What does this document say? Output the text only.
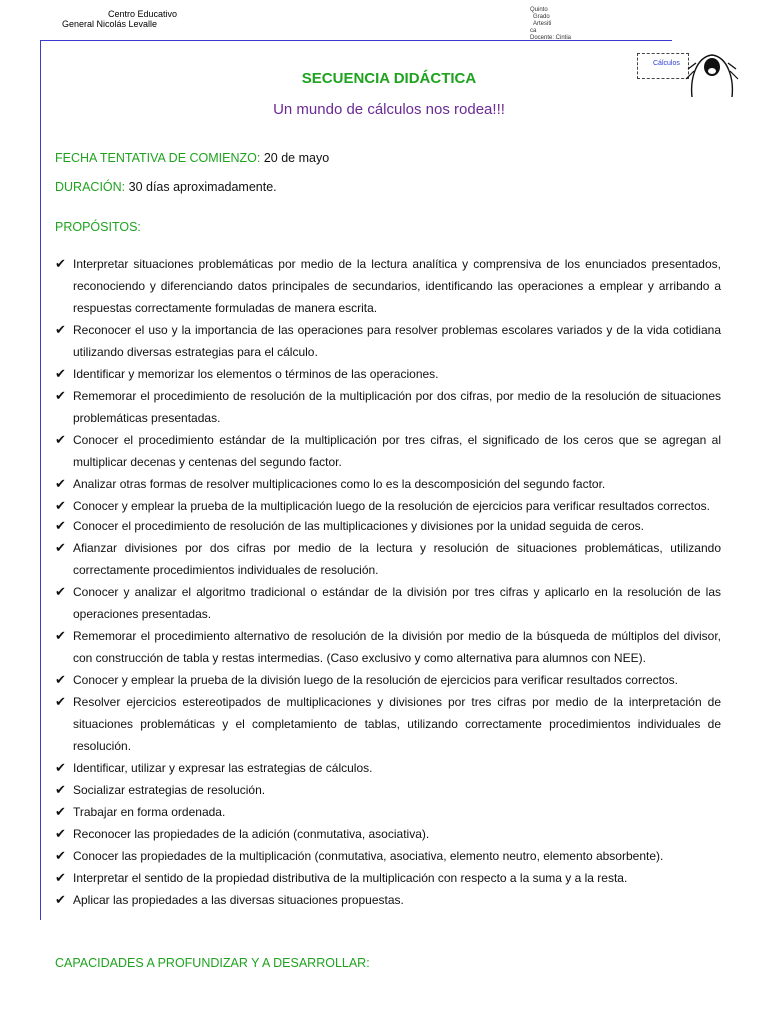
Centro Educativo
General Nicolás Levalle
Quinto
Grado
Artesiti
ca
Docente: Cintia
Cálculos
SECUENCIA DIDÁCTICA
Un mundo de cálculos nos rodea!!!
FECHA TENTATIVA DE COMIENZO: 20 de mayo
DURACIÓN: 30 días aproximadamente.
PROPÓSITOS:
✔ Interpretar situaciones problemáticas por medio de la lectura analítica y comprensiva de los enunciados presentados, reconociendo y diferenciando datos principales de secundarios, identificando las operaciones a emplear y arribando a respuestas correctamente formuladas de manera escrita.
✔ Reconocer el uso y la importancia de las operaciones para resolver problemas escolares variados y de la vida cotidiana utilizando diversas estrategias para el cálculo.
✔ Identificar y memorizar los elementos o términos de las operaciones.
✔ Rememorar el procedimiento de resolución de la multiplicación por dos cifras, por medio de la resolución de situaciones problemáticas presentadas.
✔ Conocer el procedimiento estándar de la multiplicación por tres cifras, el significado de los ceros que se agregan al multiplicar decenas y centenas del segundo factor.
✔ Analizar otras formas de resolver multiplicaciones como lo es la descomposición del segundo factor.
✔ Conocer y emplear la prueba de la multiplicación luego de la resolución de ejercicios para verificar resultados correctos.
✔ Conocer el procedimiento de resolución de las multiplicaciones y divisiones por la unidad seguida de ceros.
✔ Afianzar divisiones por dos cifras por medio de la lectura y resolución de situaciones problemáticas, utilizando correctamente procedimientos individuales de resolución.
✔ Conocer y analizar el algoritmo tradicional o estándar de la división por tres cifras y aplicarlo en la resolución de las operaciones presentadas.
✔ Rememorar el procedimiento alternativo de resolución de la división por medio de la búsqueda de múltiplos del divisor, con construcción de tabla y restas intermedias. (Caso exclusivo y como alternativa para alumnos con NEE).
✔ Conocer y emplear la prueba de la división luego de la resolución de ejercicios para verificar resultados correctos.
✔ Resolver ejercicios estereotipados de multiplicaciones y divisiones por tres cifras por medio de la interpretación de situaciones problemáticas y el completamiento de tablas, utilizando correctamente procedimientos individuales de resolución.
✔ Identificar, utilizar y expresar las estrategias de cálculos.
✔ Socializar estrategias de resolución.
✔ Trabajar en forma ordenada.
✔ Reconocer las propiedades de la adición (conmutativa, asociativa).
✔ Conocer las propiedades de la multiplicación (conmutativa, asociativa, elemento neutro, elemento absorbente).
✔ Interpretar el sentido de la propiedad distributiva de la multiplicación con respecto a la suma y a la resta.
✔ Aplicar las propiedades a las diversas situaciones propuestas.
CAPACIDADES A PROFUNDIZAR Y A DESARROLLAR:
